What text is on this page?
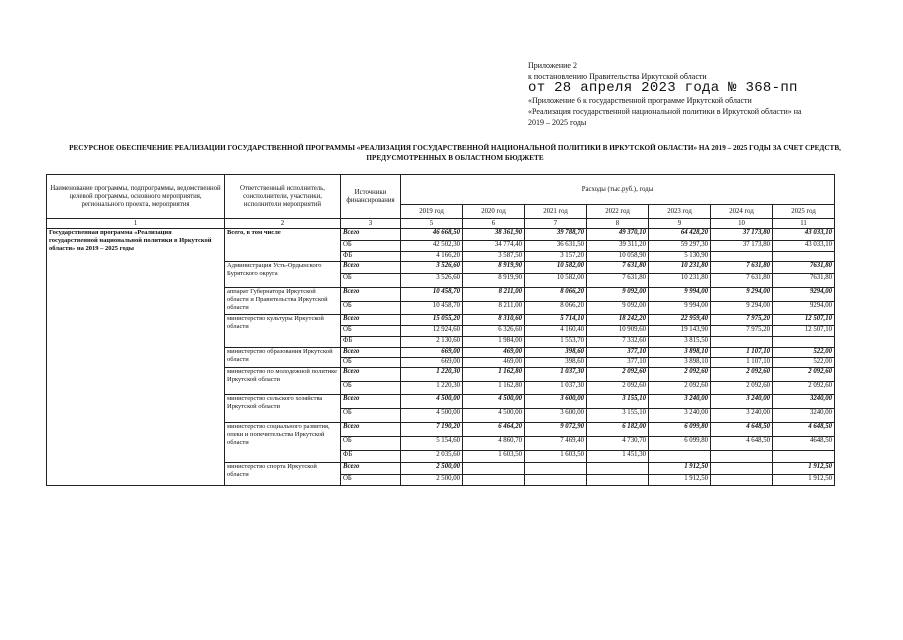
Приложение 2
к постановлению Правительства Иркутской области
от 28 апреля 2023 года № 368-пп
«Приложение 6 к государственной программе Иркутской области
«Реализация государственной национальной политики в Иркутской области» на
2019 – 2025 годы
РЕСУРСНОЕ ОБЕСПЕЧЕНИЕ РЕАЛИЗАЦИИ ГОСУДАРСТВЕННОЙ ПРОГРАММЫ «РЕАЛИЗАЦИЯ ГОСУДАРСТВЕННОЙ НАЦИОНАЛЬНОЙ ПОЛИТИКИ В ИРКУТСКОЙ ОБЛАСТИ» НА 2019 – 2025 ГОДЫ ЗА СЧЕТ СРЕДСТВ, ПРЕДУСМОТРЕННЫХ В ОБЛАСТНОМ БЮДЖЕТЕ
Наименование программы, подпрограммы, ведомственной целевой программы, основного мероприятия, регионального проекта, мероприятия	Ответственный исполнитель, соисполнители, участники, исполнители мероприятий	Источники финансирования	Расходы (тыс.руб.), годы						
			2019 год	2020 год	2021 год	2022 год	2023 год	2024 год	2025 год
1	2	3	5	6	7	8	9	10	11
Государственная программа «Реализация государственной национальной политики в Иркутской области» на 2019 – 2025 годы	Всего, в том числе	Всего	46 668,50	38 361,90	39 788,70	49 370,10	64 428,20	37 173,80	43 033,10
		ОБ	42 502,30	34 774,40	36 631,50	39 311,20	59 297,30	37 173,80	43 033,10
		ФБ	4 166,20	3 587,50	3 157,20	10 058,90	5 130,90		
	Администрация Усть-Ордынского Бурятского округа	Всего	3 526,60	8 919,90	10 582,00	7 631,80	10 231,80	7 631,80	7631,80
		ОБ	3 526,60	8 919,90	10 582,00	7 631,80	10 231,80	7 631,80	7631,80
	аппарат Губернатора Иркутской области и Правительства Иркутской области	Всего	10 458,70	8 211,00	8 066,20	9 092,00	9 994,00	9 294,00	9294,00
		ОБ	10 458,70	8 211,00	8 066,20	9 092,00	9 994,00	9 294,00	9294,00
	министерство культуры Иркутской области	Всего	15 055,20	8 310,60	5 714,10	18 242,20	22 959,40	7 975,20	12 507,10
		ОБ	12 924,60	6 326,60	4 160,40	10 909,60	19 143,90	7 975,20	12 507,10
		ФБ	2 130,60	1 984,00	1 553,70	7 332,60	3 815,50		
	министерство образования Иркутской области	Всего	669,00	469,00	398,60	377,10	3 898,10	1 107,10	522,00
		ОБ	669,00	469,00	398,60	377,10	3 898,10	1 107,10	522,00
	министерство по молодежной политике Иркутской области	Всего	1 220,30	1 162,80	1 037,30	2 092,60	2 092,60	2 092,60	2 092,60
		ОБ	1 220,30	1 162,80	1 037,30	2 092,60	2 092,60	2 092,60	2 092,60
	министерство сельского хозяйства Иркутской области	Всего	4 500,00	4 500,00	3 600,00	3 155,10	3 240,00	3 240,00	3240,00
		ОБ	4 500,00	4 500,00	3 600,00	3 155,10	3 240,00	3 240,00	3240,00
	министерство социального развития, опеки и попечительства Иркутской области	Всего	7 190,20	6 464,20	9 072,90	6 182,00	6 099,80	4 648,50	4 648,50
		ОБ	5 154,60	4 860,70	7 469,40	4 730,70	6 099,80	4 648,50	4648,50
		ФБ	2 035,60	1 603,50	1 603,50	1 451,30			
	министерство спорта Иркутской области	Всего	2 500,00				1 912,50		1 912,50
		ОБ	2 500,00				1 912,50		1 912,50
